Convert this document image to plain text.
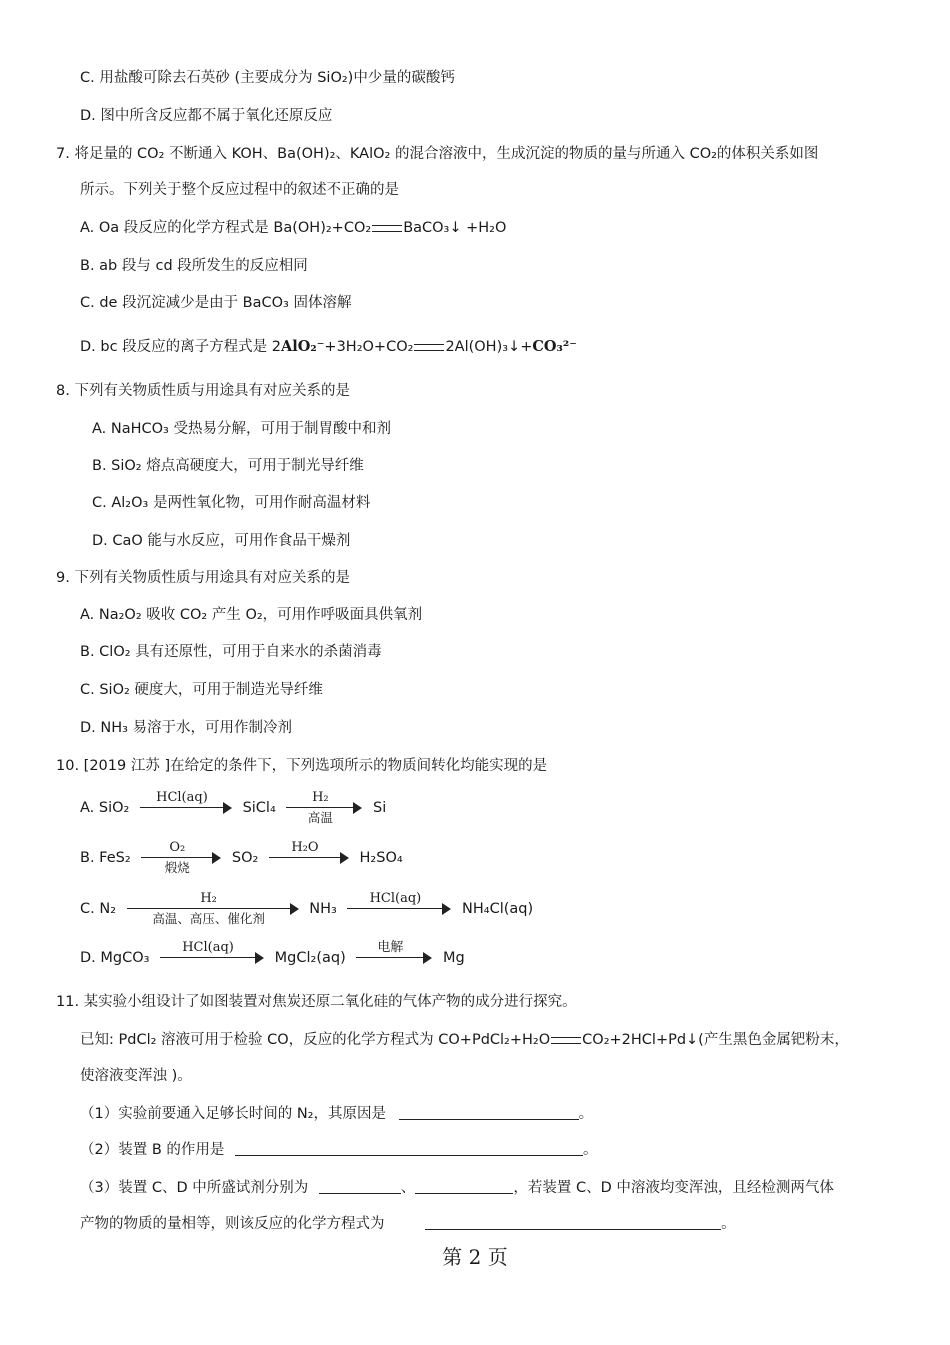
C. 用盐酸可除去石英砂 (主要成分为 SiO₂)中少量的碳酸钙
D. 图中所含反应都不属于氧化还原反应
7. 将足量的 CO₂ 不断通入 KOH、Ba(OH)₂、KAlO₂ 的混合溶液中，生成沉淀的物质的量与所通入 CO₂的体积关系如图
所示。下列关于整个反应过程中的叙述不正确的是
A. Oa 段反应的化学方程式是 Ba(OH)₂+CO₂ BaCO₃↓ +H₂O
B. ab 段与 cd 段所发生的反应相同
C. de 段沉淀减少是由于 BaCO₃ 固体溶解
D. bc 段反应的离子方程式是 2AlO₂⁻+3H₂O+CO₂ 2Al(OH)₃↓+CO₃²⁻
8. 下列有关物质性质与用途具有对应关系的是
A. NaHCO₃ 受热易分解，可用于制胃酸中和剂
B. SiO₂ 熔点高硬度大，可用于制光导纤维
C. Al₂O₃ 是两性氧化物，可用作耐高温材料
D. CaO 能与水反应，可用作食品干燥剂
9. 下列有关物质性质与用途具有对应关系的是
A. Na₂O₂ 吸收 CO₂ 产生 O₂，可用作呼吸面具供氧剂
B. ClO₂ 具有还原性，可用于自来水的杀菌消毒
C. SiO₂ 硬度大，可用于制造光导纤维
D. NH₃ 易溶于水，可用作制冷剂
10. [2019 江苏 ]在给定的条件下，下列选项所示的物质间转化均能实现的是
A. SiO₂
HCl(aq)
SiCl₄
H₂
高温
Si
B. FeS₂
O₂
煅烧
SO₂
H₂O
H₂SO₄
C. N₂
H₂
高温、高压、催化剂
NH₃
HCl(aq)
NH₄Cl(aq)
D. MgCO₃
HCl(aq)
MgCl₂(aq)
电解
Mg
11. 某实验小组设计了如图装置对焦炭还原二氧化硅的气体产物的成分进行探究。
已知: PdCl₂ 溶液可用于检验 CO，反应的化学方程式为 CO+PdCl₂+H₂O CO₂+2HCl+Pd↓(产生黑色金属钯粉末，
使溶液变浑浊 )。
（1）实验前要通入足够长时间的 N₂，其原因是	。
（2）装置 B 的作用是	。
（3）装置 C、D 中所盛试剂分别为	、	，若装置 C、D 中溶液均变浑浊，且经检测两气体
产物的物质的量相等，则该反应的化学方程式为	。
第 2 页
